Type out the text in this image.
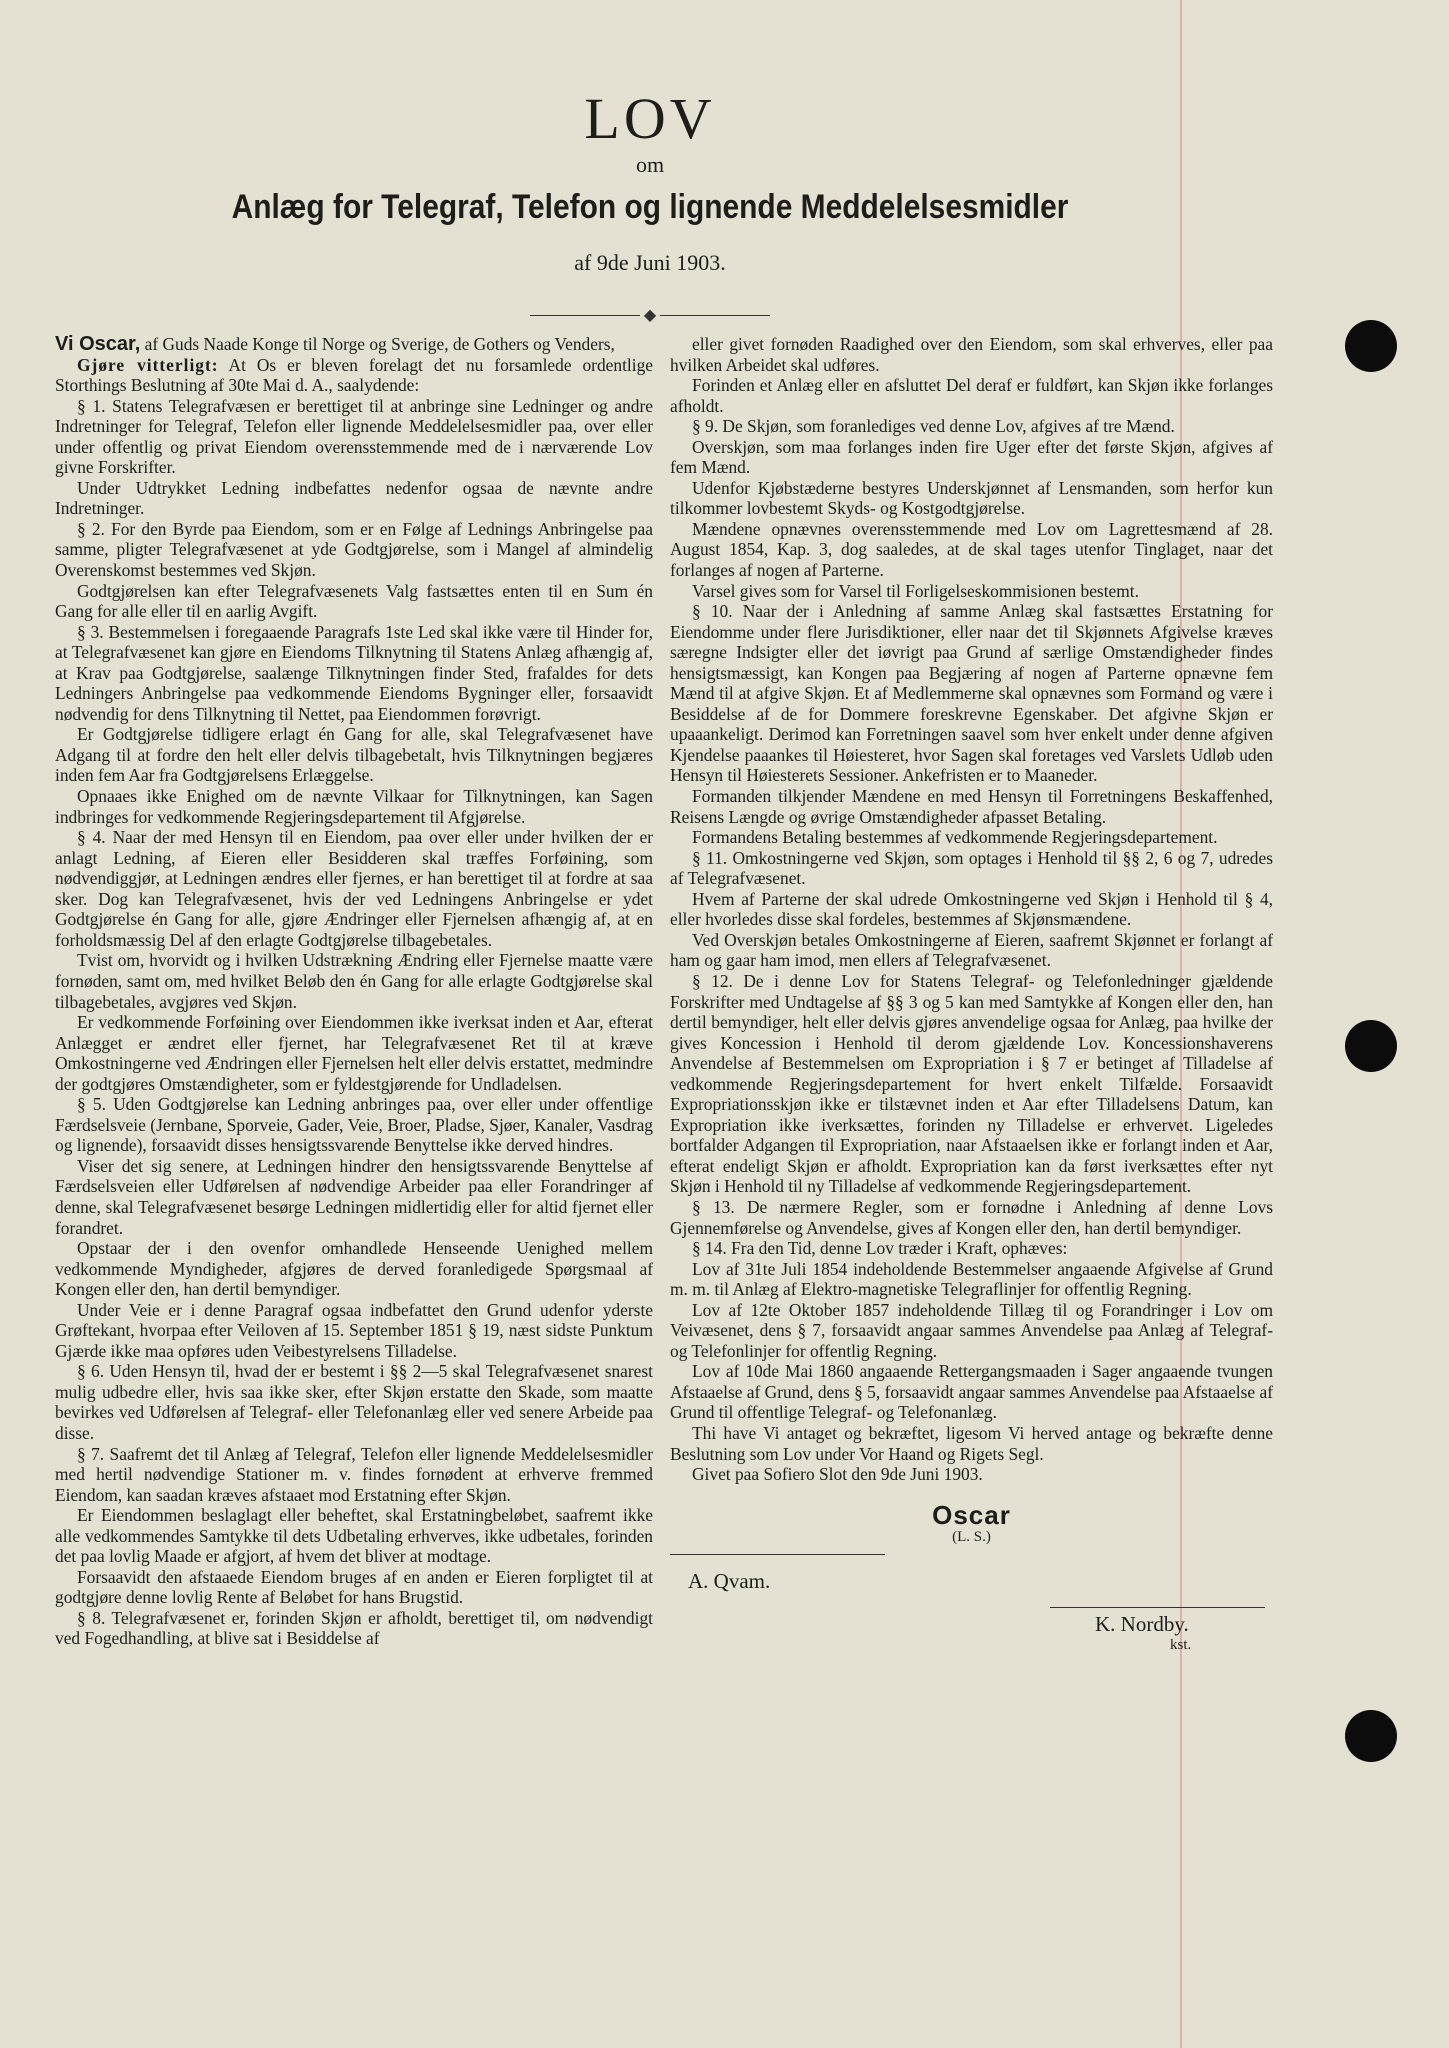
LOV
om
Anlæg for Telegraf, Telefon og lignende Meddelelsesmidler
af 9de Juni 1903.
◆

Vi Oscar, af Guds Naade Konge til Norge og Sverige, de Gothers og Venders,

Gjøre vitterligt: At Os er bleven forelagt det nu forsamlede ordentlige Storthings Beslutning af 30te Mai d. A., saalydende:

§ 1. Statens Telegrafvæsen er berettiget til at anbringe sine Ledninger og andre Indretninger for Telegraf, Telefon eller lignende Meddelelsesmidler paa, over eller under offentlig og privat Eiendom overensstemmende med de i nærværende Lov givne Forskrifter.

Under Udtrykket Ledning indbefattes nedenfor ogsaa de nævnte andre Indretninger.

§ 2. For den Byrde paa Eiendom, som er en Følge af Lednings Anbringelse paa samme, pligter Telegrafvæsenet at yde Godtgjørelse, som i Mangel af almindelig Overenskomst bestemmes ved Skjøn.

Godtgjørelsen kan efter Telegrafvæsenets Valg fastsættes enten til en Sum én Gang for alle eller til en aarlig Avgift.

§ 3. Bestemmelsen i foregaaende Paragrafs 1ste Led skal ikke være til Hinder for, at Telegrafvæsenet kan gjøre en Eiendoms Tilknytning til Statens Anlæg afhængig af, at Krav paa Godtgjørelse, saalænge Tilknytningen finder Sted, frafaldes for dets Ledningers Anbringelse paa vedkommende Eiendoms Bygninger eller, forsaavidt nødvendig for dens Tilknytning til Nettet, paa Eiendommen forøvrigt.

Er Godtgjørelse tidligere erlagt én Gang for alle, skal Telegrafvæsenet have Adgang til at fordre den helt eller delvis tilbagebetalt, hvis Tilknytningen begjæres inden fem Aar fra Godtgjørelsens Erlæggelse.

Opnaaes ikke Enighed om de nævnte Vilkaar for Tilknytningen, kan Sagen indbringes for vedkommende Regjeringsdepartement til Afgjørelse.

§ 4. Naar der med Hensyn til en Eiendom, paa over eller under hvilken der er anlagt Ledning, af Eieren eller Besidderen skal træffes Forføining, som nødvendiggjør, at Ledningen ændres eller fjernes, er han berettiget til at fordre at saa sker. Dog kan Telegrafvæsenet, hvis der ved Ledningens Anbringelse er ydet Godtgjørelse én Gang for alle, gjøre Ændringer eller Fjernelsen afhængig af, at en forholdsmæssig Del af den erlagte Godtgjørelse tilbagebetales.

Tvist om, hvorvidt og i hvilken Udstrækning Ændring eller Fjernelse maatte være fornøden, samt om, med hvilket Beløb den én Gang for alle erlagte Godtgjørelse skal tilbagebetales, avgjøres ved Skjøn.

Er vedkommende Forføining over Eiendommen ikke iverksat inden et Aar, efterat Anlægget er ændret eller fjernet, har Telegrafvæsenet Ret til at kræve Omkostningerne ved Ændringen eller Fjernelsen helt eller delvis erstattet, medmindre der godtgjøres Omstændigheter, som er fyldestgjørende for Undladelsen.

§ 5. Uden Godtgjørelse kan Ledning anbringes paa, over eller under offentlige Færdselsveie (Jernbane, Sporveie, Gader, Veie, Broer, Pladse, Sjøer, Kanaler, Vasdrag og lignende), forsaavidt disses hensigtssvarende Benyttelse ikke derved hindres.

Viser det sig senere, at Ledningen hindrer den hensigtssvarende Benyttelse af Færdselsveien eller Udførelsen af nødvendige Arbeider paa eller Forandringer af denne, skal Telegrafvæsenet besørge Ledningen midlertidig eller for altid fjernet eller forandret.

Opstaar der i den ovenfor omhandlede Henseende Uenighed mellem vedkommende Myndigheder, afgjøres de derved foranledigede Spørgsmaal af Kongen eller den, han dertil bemyndiger.

Under Veie er i denne Paragraf ogsaa indbefattet den Grund udenfor yderste Grøftekant, hvorpaa efter Veiloven af 15. September 1851 § 19, næst sidste Punktum Gjærde ikke maa opføres uden Veibestyrelsens Tilladelse.

§ 6. Uden Hensyn til, hvad der er bestemt i §§ 2—5 skal Telegrafvæsenet snarest mulig udbedre eller, hvis saa ikke sker, efter Skjøn erstatte den Skade, som maatte bevirkes ved Udførelsen af Telegraf- eller Telefonanlæg eller ved senere Arbeide paa disse.

§ 7. Saafremt det til Anlæg af Telegraf, Telefon eller lignende Meddelelsesmidler med hertil nødvendige Stationer m. v. findes fornødent at erhverve fremmed Eiendom, kan saadan kræves afstaaet mod Erstatning efter Skjøn.

Er Eiendommen beslaglagt eller beheftet, skal Erstatningbeløbet, saafremt ikke alle vedkommendes Samtykke til dets Udbetaling erhverves, ikke udbetales, forinden det paa lovlig Maade er afgjort, af hvem det bliver at modtage.

Forsaavidt den afstaaede Eiendom bruges af en anden er Eieren forpligtet til at godtgjøre denne lovlig Rente af Beløbet for hans Brugstid.

§ 8. Telegrafvæsenet er, forinden Skjøn er afholdt, berettiget til, om nødvendigt ved Fogedhandling, at blive sat i Besiddelse af

eller givet fornøden Raadighed over den Eiendom, som skal erhverves, eller paa hvilken Arbeidet skal udføres.

Forinden et Anlæg eller en afsluttet Del deraf er fuldført, kan Skjøn ikke forlanges afholdt.

§ 9. De Skjøn, som foranlediges ved denne Lov, afgives af tre Mænd.

Overskjøn, som maa forlanges inden fire Uger efter det første Skjøn, afgives af fem Mænd.

Udenfor Kjøbstæderne bestyres Underskjønnet af Lensmanden, som herfor kun tilkommer lovbestemt Skyds- og Kostgodtgjørelse.

Mændene opnævnes overensstemmende med Lov om Lagrettesmænd af 28. August 1854, Kap. 3, dog saaledes, at de skal tages utenfor Tinglaget, naar det forlanges af nogen af Parterne.

Varsel gives som for Varsel til Forligelseskommisionen bestemt.

§ 10. Naar der i Anledning af samme Anlæg skal fastsættes Erstatning for Eiendomme under flere Jurisdiktioner, eller naar det til Skjønnets Afgivelse kræves særegne Indsigter eller det iøvrigt paa Grund af særlige Omstændigheder findes hensigtsmæssigt, kan Kongen paa Begjæring af nogen af Parterne opnævne fem Mænd til at afgive Skjøn. Et af Medlemmerne skal opnævnes som Formand og være i Besiddelse af de for Dommere foreskrevne Egenskaber. Det afgivne Skjøn er upaaankeligt. Derimod kan Forretningen saavel som hver enkelt under denne afgiven Kjendelse paaankes til Høiesteret, hvor Sagen skal foretages ved Varslets Udløb uden Hensyn til Høiesterets Sessioner. Ankefristen er to Maaneder.

Formanden tilkjender Mændene en med Hensyn til Forretningens Beskaffenhed, Reisens Længde og øvrige Omstændigheder afpasset Betaling.

Formandens Betaling bestemmes af vedkommende Regjeringsdepartement.

§ 11. Omkostningerne ved Skjøn, som optages i Henhold til §§ 2, 6 og 7, udredes af Telegrafvæsenet.

Hvem af Parterne der skal udrede Omkostningerne ved Skjøn i Henhold til § 4, eller hvorledes disse skal fordeles, bestemmes af Skjønsmændene.

Ved Overskjøn betales Omkostningerne af Eieren, saafremt Skjønnet er forlangt af ham og gaar ham imod, men ellers af Telegrafvæsenet.

§ 12. De i denne Lov for Statens Telegraf- og Telefonledninger gjældende Forskrifter med Undtagelse af §§ 3 og 5 kan med Samtykke af Kongen eller den, han dertil bemyndiger, helt eller delvis gjøres anvendelige ogsaa for Anlæg, paa hvilke der gives Koncession i Henhold til derom gjældende Lov. Koncessionshaverens Anvendelse af Bestemmelsen om Expropriation i § 7 er betinget af Tilladelse af vedkommende Regjeringsdepartement for hvert enkelt Tilfælde. Forsaavidt Expropriationsskjøn ikke er tilstævnet inden et Aar efter Tilladelsens Datum, kan Expropriation ikke iverksættes, forinden ny Tilladelse er erhvervet. Ligeledes bortfalder Adgangen til Expropriation, naar Afstaaelsen ikke er forlangt inden et Aar, efterat endeligt Skjøn er afholdt. Expropriation kan da først iverksættes efter nyt Skjøn i Henhold til ny Tilladelse af vedkommende Regjeringsdepartement.

§ 13. De nærmere Regler, som er fornødne i Anledning af denne Lovs Gjennemførelse og Anvendelse, gives af Kongen eller den, han dertil bemyndiger.

§ 14. Fra den Tid, denne Lov træder i Kraft, ophæves:

Lov af 31te Juli 1854 indeholdende Bestemmelser angaaende Afgivelse af Grund m. m. til Anlæg af Elektro-magnetiske Telegraflinjer for offentlig Regning.

Lov af 12te Oktober 1857 indeholdende Tillæg til og Forandringer i Lov om Veivæsenet, dens § 7, forsaavidt angaar sammes Anvendelse paa Anlæg af Telegraf- og Telefonlinjer for offentlig Regning.

Lov af 10de Mai 1860 angaaende Rettergangsmaaden i Sager angaaende tvungen Afstaaelse af Grund, dens § 5, forsaavidt angaar sammes Anvendelse paa Afstaaelse af Grund til offentlige Telegraf- og Telefonanlæg.

Thi have Vi antaget og bekræftet, ligesom Vi herved antage og bekræfte denne Beslutning som Lov under Vor Haand og Rigets Segl.

Givet paa Sofiero Slot den 9de Juni 1903.

Oscar
(L. S.)
A. Qvam.
K. Nordby.
kst.
